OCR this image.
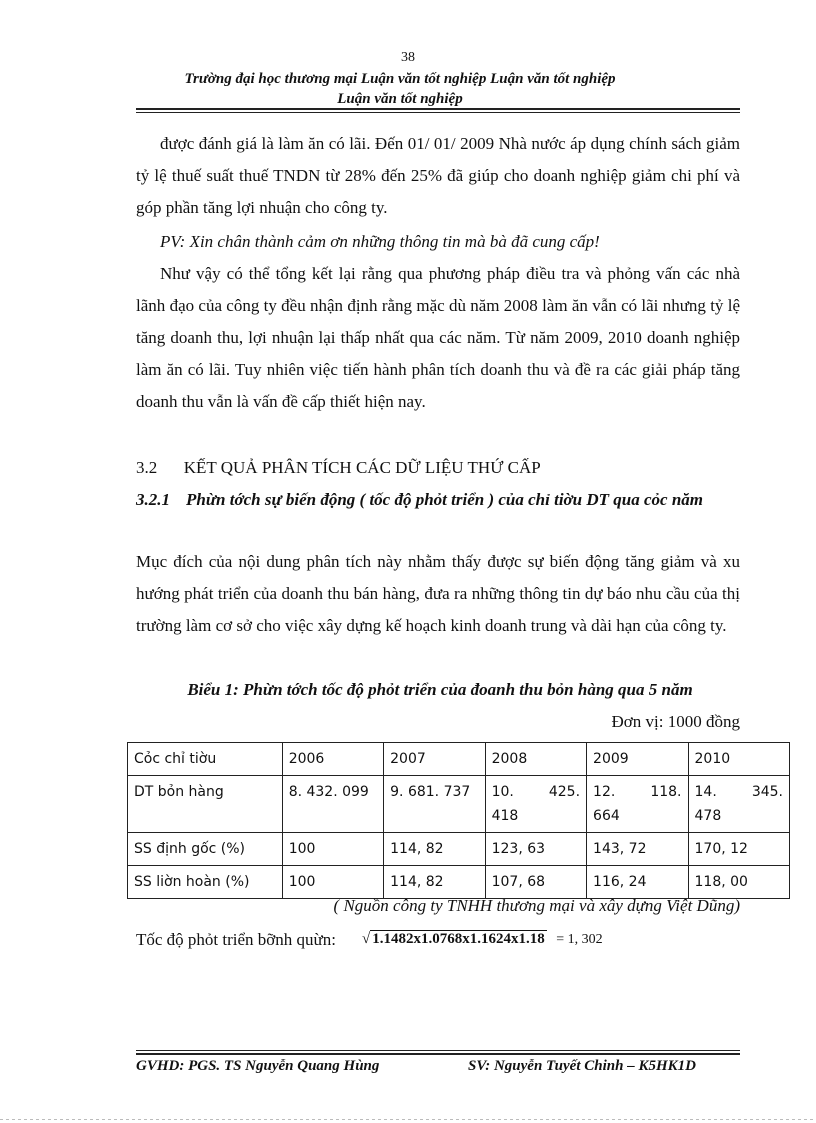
38
Trường đại học thương mại Luận văn tốt nghiệp Luận văn tốt nghiệp
Luận văn tốt nghiệp
được đánh giá là làm ăn có lãi. Đến 01/ 01/ 2009 Nhà nước áp dụng chính sách giảm tỷ lệ thuế suất thuế TNDN từ 28% đến 25% đã giúp cho doanh nghiệp giảm chi phí và góp phần tăng lợi nhuận cho công ty.
PV: Xin chân thành cảm ơn những thông tin mà bà đã cung cấp!
Như vậy có thể tổng kết lại rằng qua phương pháp điều tra và phỏng vấn các nhà lãnh đạo của công ty đều nhận định rằng mặc dù năm 2008 làm ăn vẫn có lãi nhưng tỷ lệ tăng doanh thu, lợi nhuận lại thấp nhất qua các năm. Từ năm 2009, 2010 doanh nghiệp làm ăn có lãi. Tuy nhiên việc tiến hành phân tích doanh thu và đề ra các giải pháp tăng doanh thu vẫn là vấn đề cấp thiết hiện nay.
3.2 KẾT QUẢ PHÂN TÍCH CÁC DỮ LIỆU THỨ CẤP
3.2.1 Phừn tớch sự biến động ( tốc độ phỏt triển ) của chỉ tiờu DT qua cỏc năm
Mục đích của nội dung phân tích này nhằm thấy được sự biến động tăng giảm và xu hướng phát triển của doanh thu bán hàng, đưa ra những thông tin dự báo nhu cầu của thị trường làm cơ sở cho việc xây dựng kế hoạch kinh doanh trung và dài hạn của công ty.
Biểu 1: Phừn tớch tốc độ phỏt triển của đoanh thu bỏn hàng qua 5 năm
Đơn vị: 1000 đồng
Cỏc chỉ tiờu	2006	2007	2008	2009	2010
DT bỏn hàng	8. 432. 099	9. 681. 737	10. 425. 418	12. 118. 664	14. 345. 478
SS định gốc (%)	100	114, 82	123, 63	143, 72	170, 12
SS liờn hoàn (%)	100	114, 82	107, 68	116, 24	118, 00
( Nguồn công ty TNHH thương mại và xây dựng Việt Dũng)
Tốc độ phỏt triển bỡnh quừn: √ 1.1482x1.0768x1.1624x1.18 = 1, 302
GVHD: PGS. TS Nguyễn Quang Hùng	SV: Nguyễn Tuyết Chinh – K5HK1D
